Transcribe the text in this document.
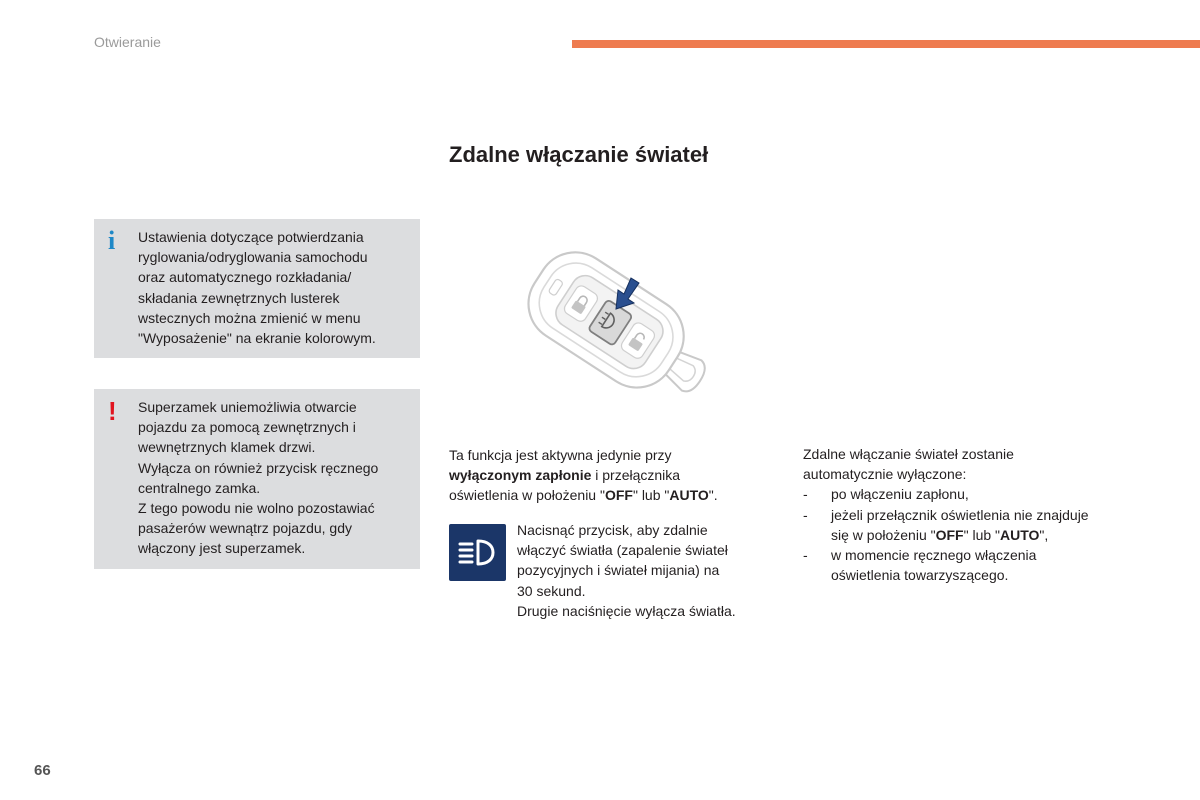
Otwieranie
Zdalne włączanie świateł
i Ustawienia dotyczące potwierdzania
ryglowania/odryglowania samochodu
oraz automatycznego rozkładania/
składania zewnętrznych lusterek
wstecznych można zmienić w menu
"Wyposażenie" na ekranie kolorowym.
! Superzamek uniemożliwia otwarcie
pojazdu za pomocą zewnętrznych i
wewnętrznych klamek drzwi.
Wyłącza on również przycisk ręcznego
centralnego zamka.
Z tego powodu nie wolno pozostawiać
pasażerów wewnątrz pojazdu, gdy
włączony jest superzamek.
Ta funkcja jest aktywna jedynie przy
wyłączonym zapłonie i przełącznika
oświetlenia w położeniu "OFF" lub "AUTO".
Nacisnąć przycisk, aby zdalnie
włączyć światła (zapalenie świateł
pozycyjnych i świateł mijania) na
30 sekund.
Drugie naciśnięcie wyłącza światła.
Zdalne włączanie świateł zostanie
automatycznie wyłączone:
- po włączeniu zapłonu,
- jeżeli przełącznik oświetlenia nie znajduje
się w położeniu "OFF" lub "AUTO",
- w momencie ręcznego włączenia
oświetlenia towarzyszącego.
66
